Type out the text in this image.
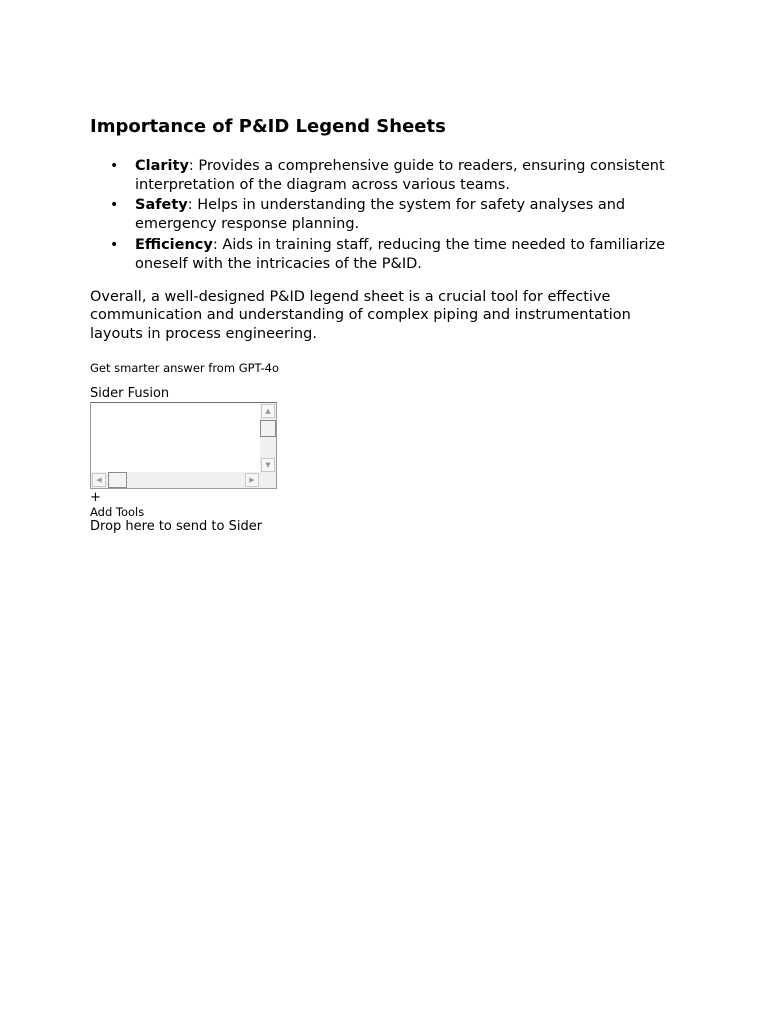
Importance of P&ID Legend Sheets
• Clarity: Provides a comprehensive guide to readers, ensuring consistent interpretation of the diagram across various teams.
• Safety: Helps in understanding the system for safety analyses and emergency response planning.
• Efficiency: Aids in training staff, reducing the time needed to familiarize oneself with the intricacies of the P&ID.

Overall, a well-designed P&ID legend sheet is a crucial tool for effective communication and understanding of complex piping and instrumentation layouts in process engineering.

Get smarter answer from GPT-4o
Sider Fusion
▲
▼
◀	▶
+
Add Tools
Drop here to send to Sider
